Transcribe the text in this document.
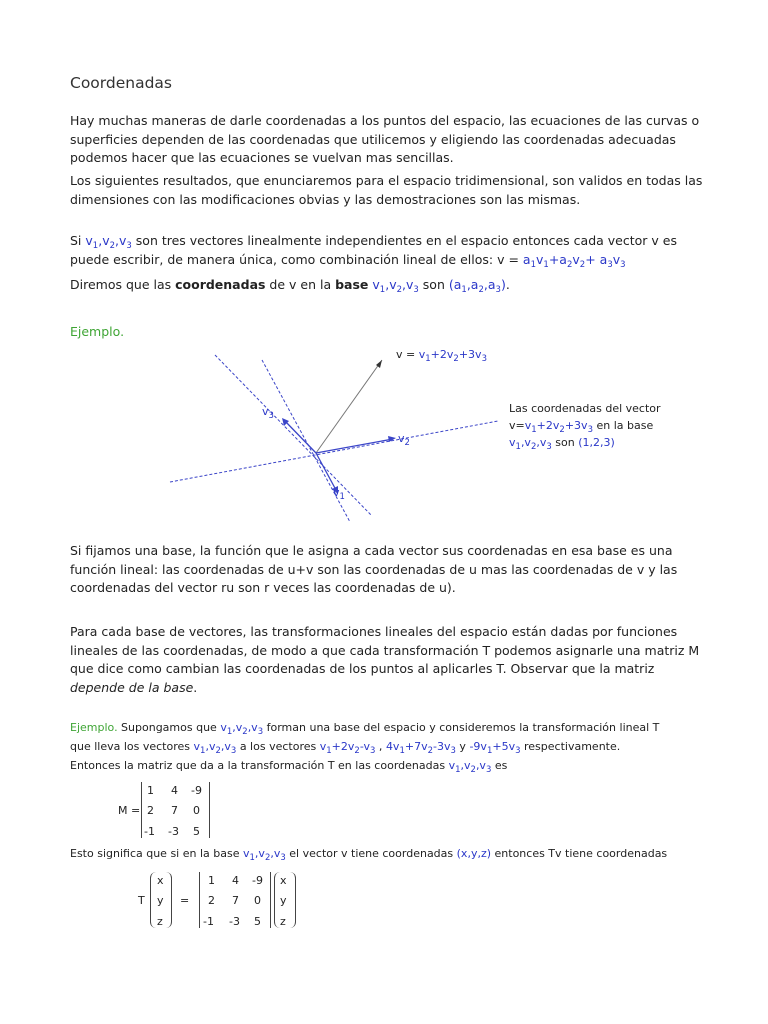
Coordenadas
Hay muchas maneras de darle coordenadas a los puntos del espacio, las ecuaciones de las curvas o superficies dependen de las coordenadas que utilicemos y eligiendo las coordenadas adecuadas podemos hacer que las ecuaciones se vuelvan mas sencillas.
Los siguientes resultados, que enunciaremos para el espacio tridimensional, son validos en todas las dimensiones con las modificaciones obvias y las demostraciones son las mismas.
Si $v_1,v_2,v_3$ son tres vectores linealmente independientes en el espacio entonces cada vector v es puede escribir, de manera única, como combinación lineal de ellos: $v = a_1v_1+a_2v_2+ a_3v_3$
Diremos que las coordenadas de v en la base $v_1,v_2,v_3$ son $(a_1,a_2,a_3)$.
Ejemplo.
$v = v_1+2v_2+3v_3$
$v_3$
$v_2$
$v_1$
Las coordenadas del vector
$v=v_1+2v_2+3v_3$ en la base
$v_1,v_2,v_3$ son (1,2,3)
Si fijamos una base, la función que le asigna a cada vector sus coordenadas en esa base es una función lineal: las coordenadas de u+v son las coordenadas de u mas las coordenadas de v y las coordenadas del vector ru son r veces las coordenadas de u).
Para cada base de vectores, las transformaciones lineales del espacio están dadas por funciones lineales de las coordenadas, de modo a que cada transformación T podemos asignarle una matriz M que dice como cambian las coordenadas de los puntos al aplicarles T. Observar que la matriz depende de la base.
Ejemplo. Supongamos que $v_1,v_2,v_3$ forman una base del espacio y consideremos la transformación lineal T
que lleva los vectores $v_1,v_2,v_3$ a los vectores $v_1+2v_2-v_3$ , $4v_1+7v_2-3v_3$ y $-9v_1+5v_3$ respectivamente.
Entonces la matriz que da a la transformación T en las coordenadas $v_1,v_2,v_3$ es
M =
1 4 -9
2 7 0
-1 -3 5
Esto significa que si en la base $v_1,v_2,v_3$ el vector v tiene coordenadas (x,y,z) entonces Tv tiene coordenadas
T
x
y
z
=
1 4 -9
2 7 0
-1 -3 5
x
y
z
